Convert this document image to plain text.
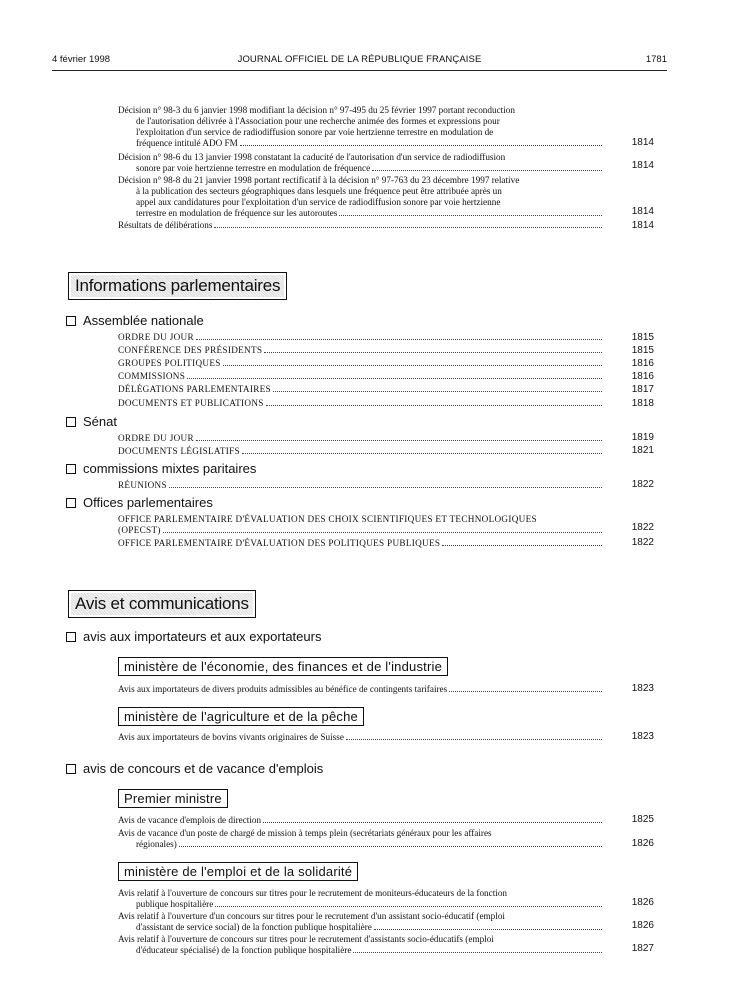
4 février 1998	JOURNAL OFFICIEL DE LA RÉPUBLIQUE FRANÇAISE	1781
Décision n° 98-3 du 6 janvier 1998 modifiant la décision n° 97-495 du 25 février 1997 portant reconduction
de l'autorisation délivrée à l'Association pour une recherche animée des formes et expressions pour
l'exploitation d'un service de radiodiffusion sonore par voie hertzienne terrestre en modulation de
fréquence intitulé ADO FM	1814
Décision n° 98-6 du 13 janvier 1998 constatant la caducité de l'autorisation d'un service de radiodiffusion
sonore par voie hertzienne terrestre en modulation de fréquence	1814
Décision n° 98-8 du 21 janvier 1998 portant rectificatif à la décision n° 97-763 du 23 décembre 1997 relative
à la publication des secteurs géographiques dans lesquels une fréquence peut être attribuée après un
appel aux candidatures pour l'exploitation d'un service de radiodiffusion sonore par voie hertzienne
terrestre en modulation de fréquence sur les autoroutes	1814
Résultats de délibérations	1814
Informations parlementaires
Assemblée nationale
ORDRE DU JOUR	1815
CONFÉRENCE DES PRÉSIDENTS	1815
GROUPES POLITIQUES	1816
COMMISSIONS	1816
DÉLÉGATIONS PARLEMENTAIRES	1817
DOCUMENTS ET PUBLICATIONS	1818
Sénat
ORDRE DU JOUR	1819
DOCUMENTS LÉGISLATIFS	1821
commissions mixtes paritaires
RÉUNIONS	1822
Offices parlementaires
OFFICE PARLEMENTAIRE D'ÉVALUATION DES CHOIX SCIENTIFIQUES ET TECHNOLOGIQUES
(OPECST)	1822
OFFICE PARLEMENTAIRE D'ÉVALUATION DES POLITIQUES PUBLIQUES	1822
Avis et communications
avis aux importateurs et aux exportateurs
ministère de l'économie, des finances et de l'industrie
Avis aux importateurs de divers produits admissibles au bénéfice de contingents tarifaires	1823
ministère de l'agriculture et de la pêche
Avis aux importateurs de bovins vivants originaires de Suisse	1823
avis de concours et de vacance d'emplois
Premier ministre
Avis de vacance d'emplois de direction	1825
Avis de vacance d'un poste de chargé de mission à temps plein (secrétariats généraux pour les affaires
régionales)	1826
ministère de l'emploi et de la solidarité
Avis relatif à l'ouverture de concours sur titres pour le recrutement de moniteurs-éducateurs de la fonction
publique hospitalière	1826
Avis relatif à l'ouverture d'un concours sur titres pour le recrutement d'un assistant socio-éducatif (emploi
d'assistant de service social) de la fonction publique hospitalière	1826
Avis relatif à l'ouverture de concours sur titres pour le recrutement d'assistants socio-éducatifs (emploi
d'éducateur spécialisé) de la fonction publique hospitalière	1827
